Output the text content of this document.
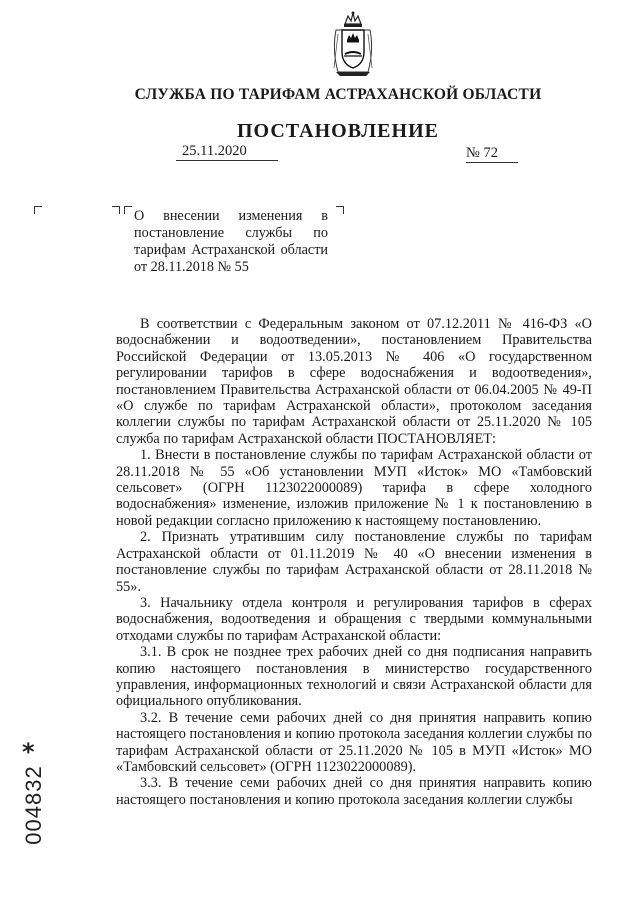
СЛУЖБА ПО ТАРИФАМ АСТРАХАНСКОЙ ОБЛАСТИ
ПОСТАНОВЛЕНИЕ
25.11.2020	№ 72
О внесении изменения в постановление службы по тарифам Астраханской области от 28.11.2018 № 55

В соответствии с Федеральным законом от 07.12.2011 № 416-ФЗ «О водоснабжении и водоотведении», постановлением Правительства Российской Федерации от 13.05.2013 № 406 «О государственном регулировании тарифов в сфере водоснабжения и водоотведения», постановлением Правительства Астраханской области от 06.04.2005 № 49-П «О службе по тарифам Астраханской области», протоколом заседания коллегии службы по тарифам Астраханской области от 25.11.2020 № 105 служба по тарифам Астраханской области ПОСТАНОВЛЯЕТ:

1. Внести в постановление службы по тарифам Астраханской области от 28.11.2018 № 55 «Об установлении МУП «Исток» МО «Тамбовский сельсовет» (ОГРН 1123022000089) тарифа в сфере холодного водоснабжения» изменение, изложив приложение № 1 к постановлению в новой редакции согласно приложению к настоящему постановлению.

2. Признать утратившим силу постановление службы по тарифам Астраханской области от 01.11.2019 № 40 «О внесении изменения в постановление службы по тарифам Астраханской области от 28.11.2018 № 55».

3. Начальнику отдела контроля и регулирования тарифов в сферах водоснабжения, водоотведения и обращения с твердыми коммунальными отходами службы по тарифам Астраханской области:

3.1. В срок не позднее трех рабочих дней со дня подписания направить копию настоящего постановления в министерство государственного управления, информационных технологий и связи Астраханской области для официального опубликования.

3.2. В течение семи рабочих дней со дня принятия направить копию настоящего постановления и копию протокола заседания коллегии службы по тарифам Астраханской области от 25.11.2020 № 105 в МУП «Исток» МО «Тамбовский сельсовет» (ОГРН 1123022000089).

3.3. В течение семи рабочих дней со дня принятия направить копию настоящего постановления и копию протокола заседания коллегии службы

004832
*
